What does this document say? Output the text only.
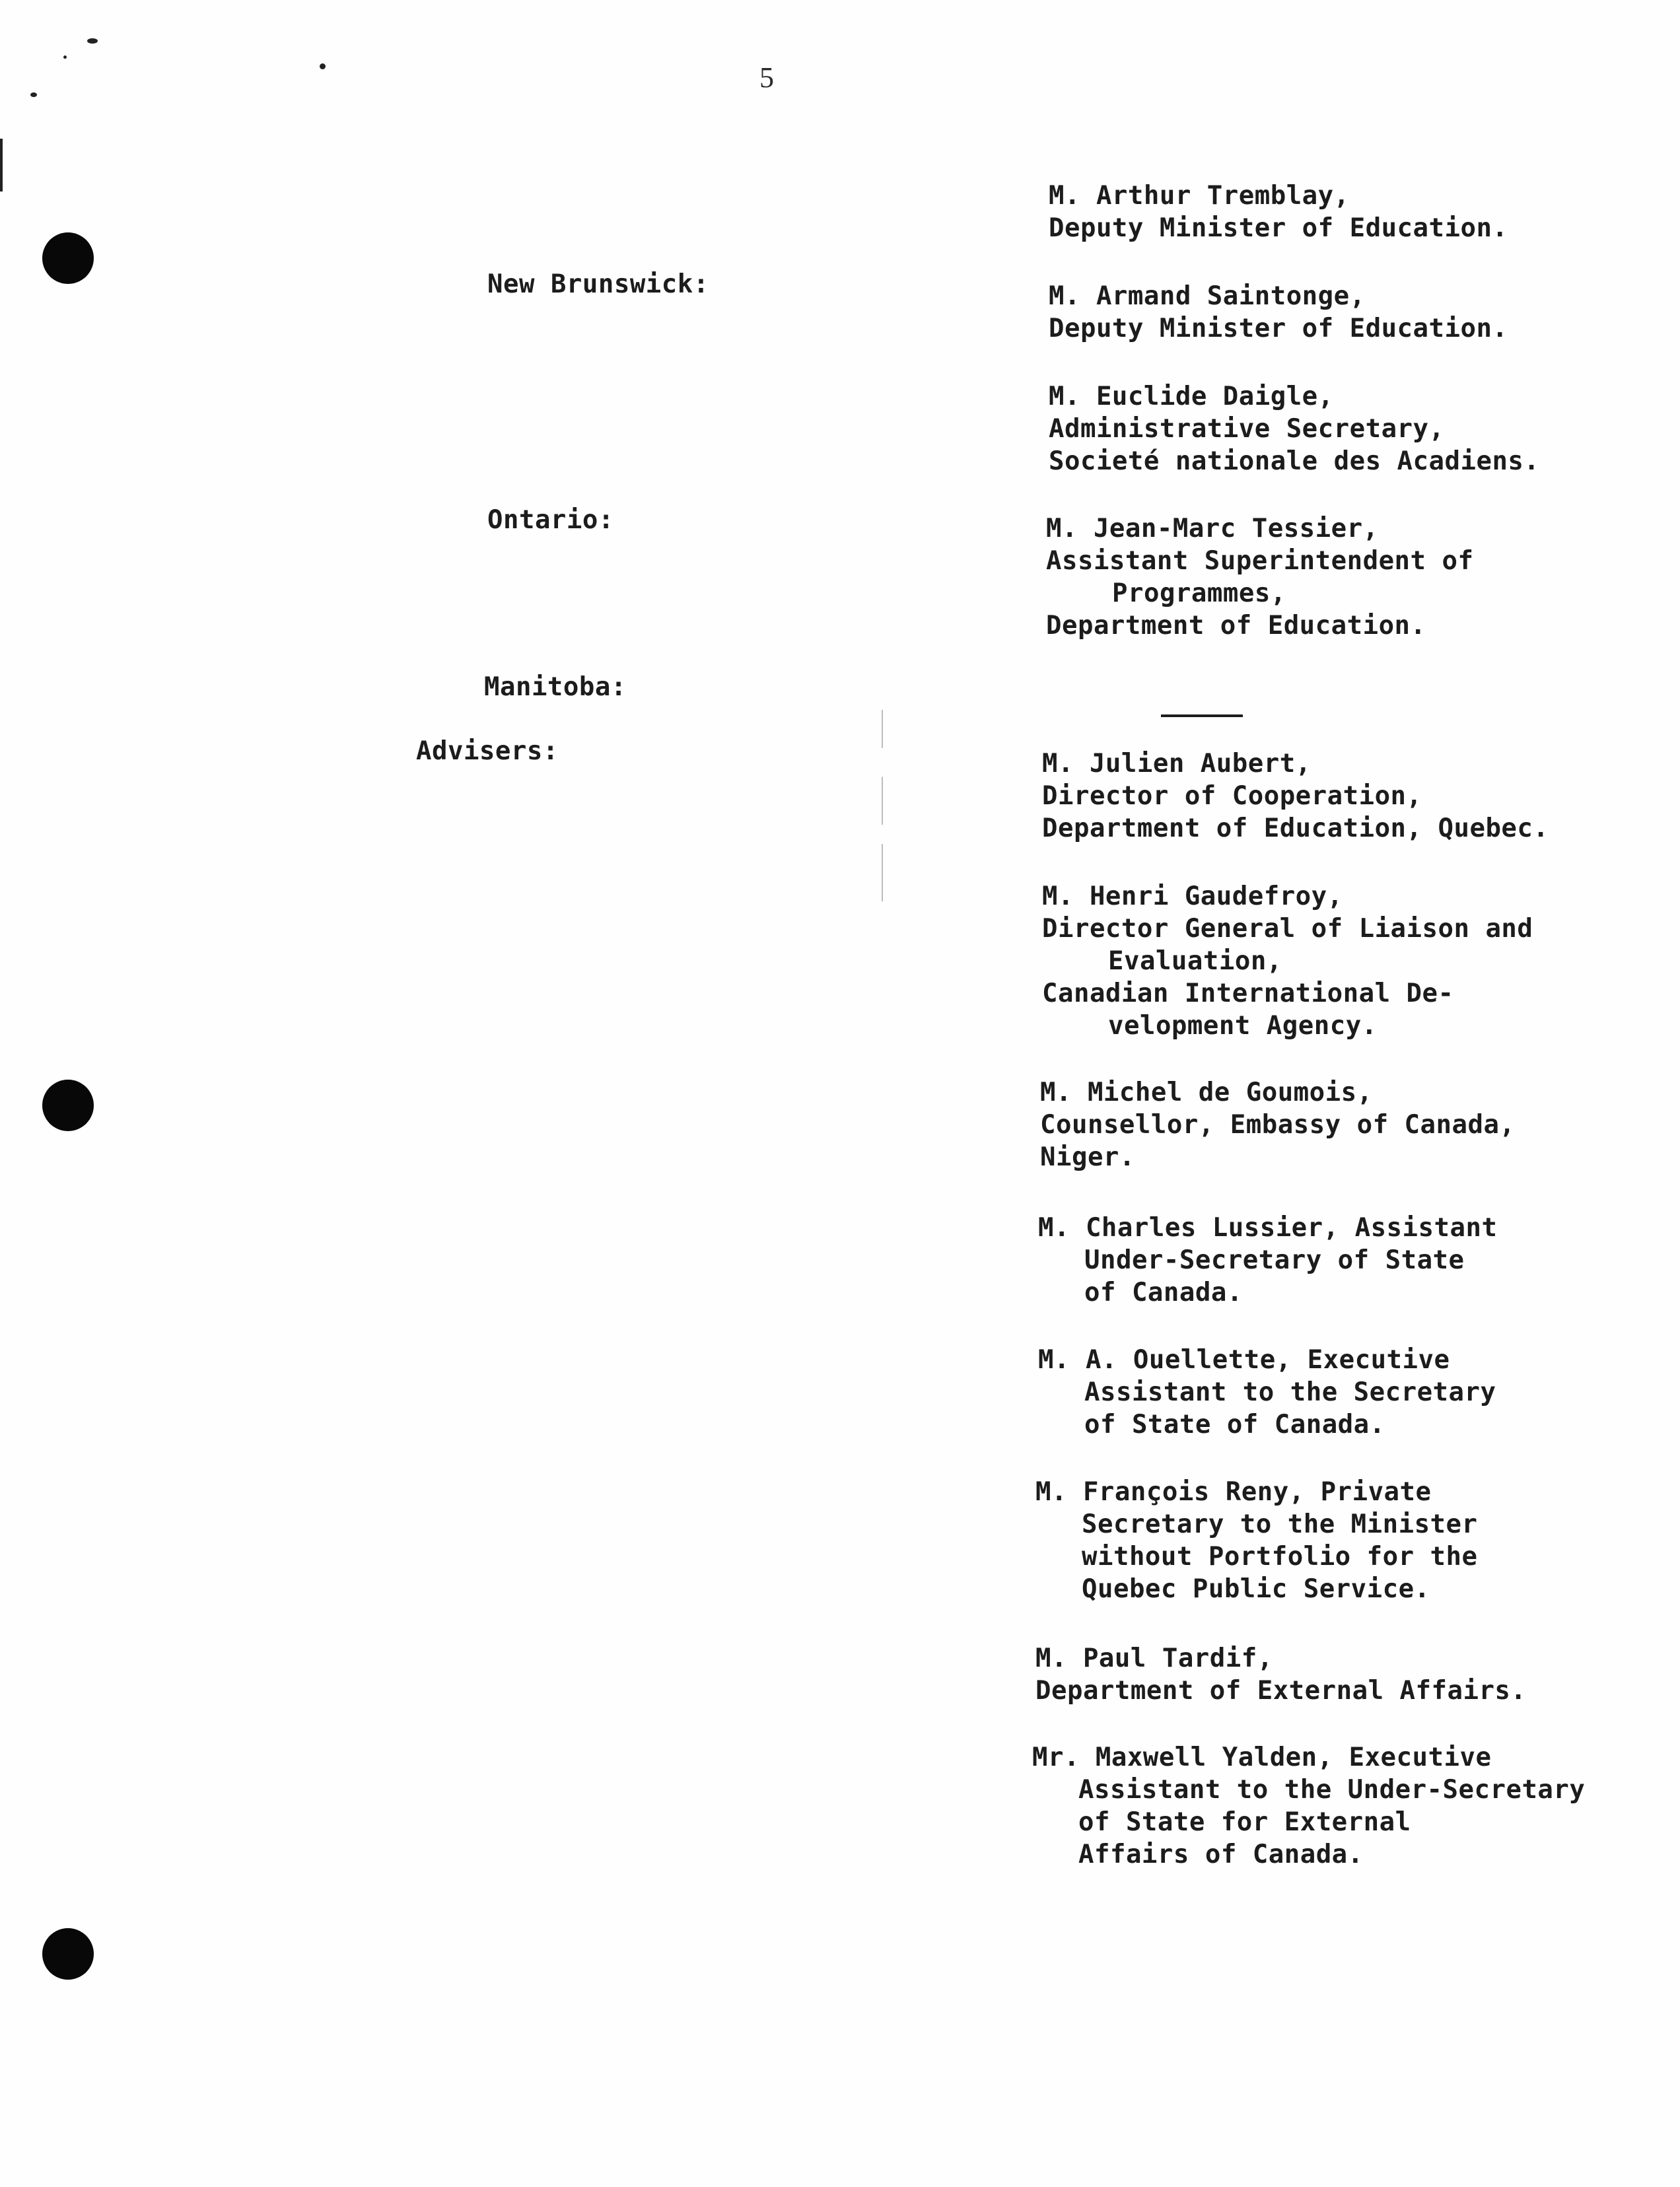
5
New Brunswick:
Ontario:
Manitoba:
Advisers:
M. Arthur Tremblay,
Deputy Minister of Education.
M. Armand Saintonge,
Deputy Minister of Education.
M. Euclide Daigle,
Administrative Secretary,
Societé nationale des Acadiens.
M. Jean-Marc Tessier,
Assistant Superintendent of
Programmes,
Department of Education.
M. Julien Aubert,
Director of Cooperation,
Department of Education, Quebec.
M. Henri Gaudefroy,
Director General of Liaison and
Evaluation,
Canadian International De-
velopment Agency.
M. Michel de Goumois,
Counsellor, Embassy of Canada,
Niger.
M. Charles Lussier, Assistant
Under-Secretary of State
of Canada.
M. A. Ouellette, Executive
Assistant to the Secretary
of State of Canada.
M. François Reny, Private
Secretary to the Minister
without Portfolio for the
Quebec Public Service.
M. Paul Tardif,
Department of External Affairs.
Mr. Maxwell Yalden, Executive
Assistant to the Under-Secretary
of State for External
Affairs of Canada.
